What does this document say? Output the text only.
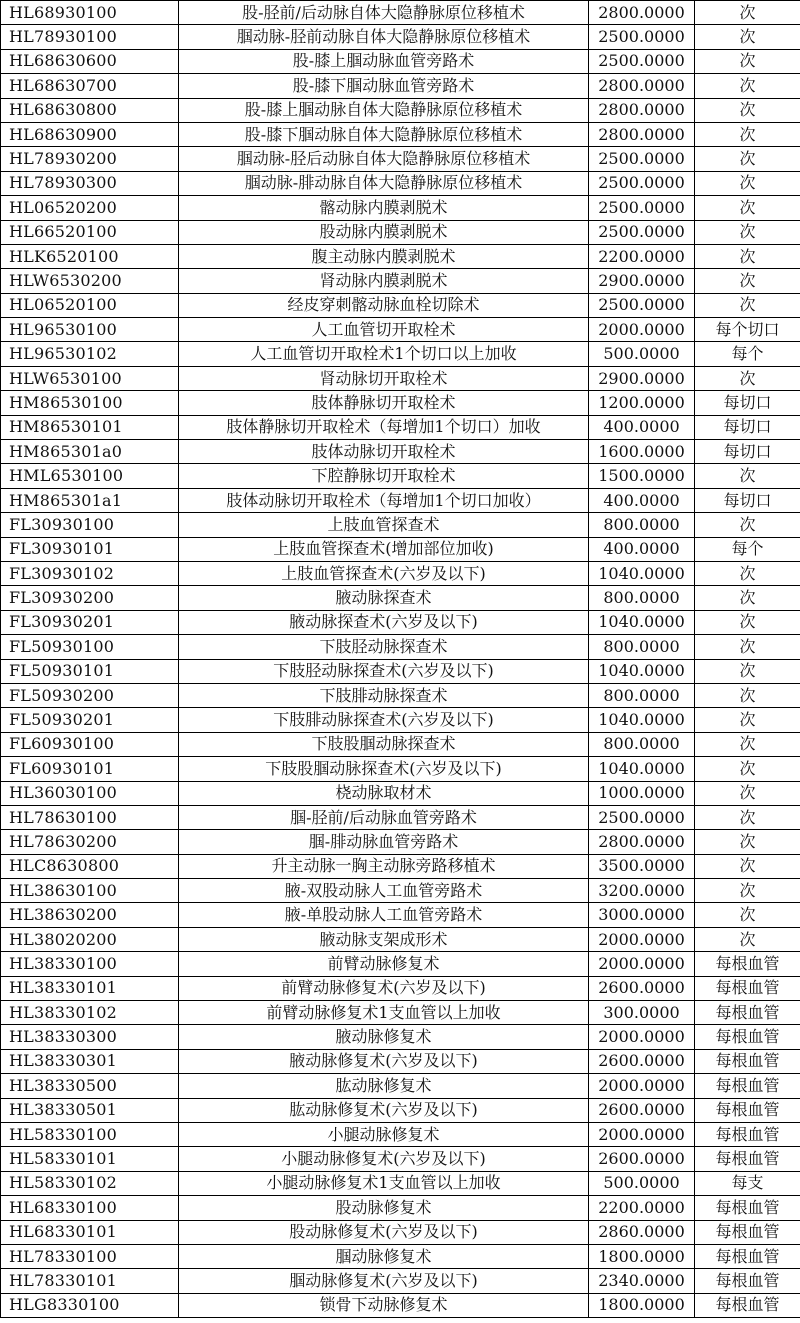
HL68930100	股-胫前/后动脉自体大隐静脉原位移植术	2800.0000	次
HL78930100	腘动脉-胫前动脉自体大隐静脉原位移植术	2500.0000	次
HL68630600	股-膝上腘动脉血管旁路术	2500.0000	次
HL68630700	股-膝下腘动脉血管旁路术	2800.0000	次
HL68630800	股-膝上腘动脉自体大隐静脉原位移植术	2800.0000	次
HL68630900	股-膝下腘动脉自体大隐静脉原位移植术	2800.0000	次
HL78930200	腘动脉-胫后动脉自体大隐静脉原位移植术	2500.0000	次
HL78930300	腘动脉-腓动脉自体大隐静脉原位移植术	2500.0000	次
HL06520200	髂动脉内膜剥脱术	2500.0000	次
HL66520100	股动脉内膜剥脱术	2500.0000	次
HLK6520100	腹主动脉内膜剥脱术	2200.0000	次
HLW6530200	肾动脉内膜剥脱术	2900.0000	次
HL06520100	经皮穿刺髂动脉血栓切除术	2500.0000	次
HL96530100	人工血管切开取栓术	2000.0000	每个切口
HL96530102	人工血管切开取栓术1个切口以上加收	500.0000	每个
HLW6530100	肾动脉切开取栓术	2900.0000	次
HM86530100	肢体静脉切开取栓术	1200.0000	每切口
HM86530101	肢体静脉切开取栓术（每增加1个切口）加收	400.0000	每切口
HM865301a0	肢体动脉切开取栓术	1600.0000	每切口
HML6530100	下腔静脉切开取栓术	1500.0000	次
HM865301a1	肢体动脉切开取栓术（每增加1个切口加收）	400.0000	每切口
FL30930100	上肢血管探查术	800.0000	次
FL30930101	上肢血管探查术(增加部位加收)	400.0000	每个
FL30930102	上肢血管探查术(六岁及以下)	1040.0000	次
FL30930200	腋动脉探查术	800.0000	次
FL30930201	腋动脉探查术(六岁及以下)	1040.0000	次
FL50930100	下肢胫动脉探查术	800.0000	次
FL50930101	下肢胫动脉探查术(六岁及以下)	1040.0000	次
FL50930200	下肢腓动脉探查术	800.0000	次
FL50930201	下肢腓动脉探查术(六岁及以下)	1040.0000	次
FL60930100	下肢股腘动脉探查术	800.0000	次
FL60930101	下肢股腘动脉探查术(六岁及以下)	1040.0000	次
HL36030100	桡动脉取材术	1000.0000	次
HL78630100	腘-胫前/后动脉血管旁路术	2500.0000	次
HL78630200	腘-腓动脉血管旁路术	2800.0000	次
HLC8630800	升主动脉一胸主动脉旁路移植术	3500.0000	次
HL38630100	腋-双股动脉人工血管旁路术	3200.0000	次
HL38630200	腋-单股动脉人工血管旁路术	3000.0000	次
HL38020200	腋动脉支架成形术	2000.0000	次
HL38330100	前臂动脉修复术	2000.0000	每根血管
HL38330101	前臂动脉修复术(六岁及以下)	2600.0000	每根血管
HL38330102	前臂动脉修复术1支血管以上加收	300.0000	每根血管
HL38330300	腋动脉修复术	2000.0000	每根血管
HL38330301	腋动脉修复术(六岁及以下)	2600.0000	每根血管
HL38330500	肱动脉修复术	2000.0000	每根血管
HL38330501	肱动脉修复术(六岁及以下)	2600.0000	每根血管
HL58330100	小腿动脉修复术	2000.0000	每根血管
HL58330101	小腿动脉修复术(六岁及以下)	2600.0000	每根血管
HL58330102	小腿动脉修复术1支血管以上加收	500.0000	每支
HL68330100	股动脉修复术	2200.0000	每根血管
HL68330101	股动脉修复术(六岁及以下)	2860.0000	每根血管
HL78330100	腘动脉修复术	1800.0000	每根血管
HL78330101	腘动脉修复术(六岁及以下)	2340.0000	每根血管
HLG8330100	锁骨下动脉修复术	1800.0000	每根血管
